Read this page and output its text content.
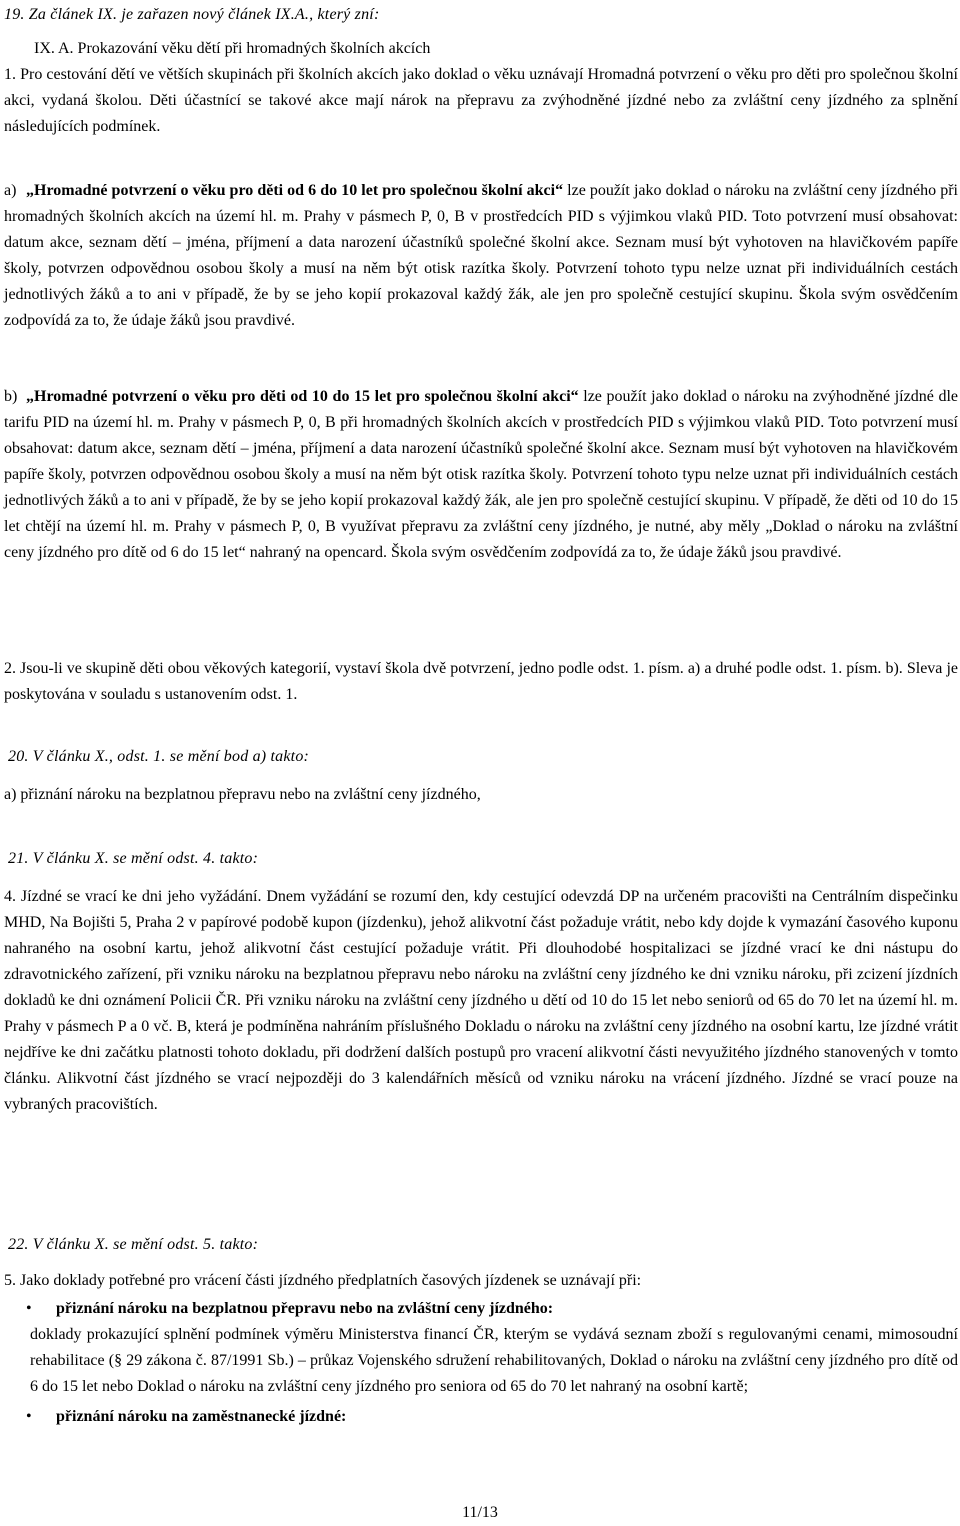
19. Za článek IX. je zařazen nový článek IX.A., který zní:

IX. A. Prokazování věku dětí při hromadných školních akcích

1. Pro cestování dětí ve větších skupinách při školních akcích jako doklad o věku uznávají Hromadná potvrzení o věku pro děti pro společnou školní akci, vydaná školou. Děti účastnící se takové akce mají nárok na přepravu za zvýhodněné jízdné nebo za zvláštní ceny jízdného za splnění následujících podmínek.

a) „Hromadné potvrzení o věku pro děti od 6 do 10 let pro společnou školní akci“ lze použít jako doklad o nároku na zvláštní ceny jízdného při hromadných školních akcích na území hl. m. Prahy v pásmech P, 0, B v prostředcích PID s výjimkou vlaků PID. Toto potvrzení musí obsahovat: datum akce, seznam dětí – jména, příjmení a data narození účastníků společné školní akce. Seznam musí být vyhotoven na hlavičkovém papíře školy, potvrzen odpovědnou osobou školy a musí na něm být otisk razítka školy. Potvrzení tohoto typu nelze uznat při individuálních cestách jednotlivých žáků a to ani v případě, že by se jeho kopií prokazoval každý žák, ale jen pro společně cestující skupinu. Škola svým osvědčením zodpovídá za to, že údaje žáků jsou pravdivé.

b) „Hromadné potvrzení o věku pro děti od 10 do 15 let pro společnou školní akci“ lze použít jako doklad o nároku na zvýhodněné jízdné dle tarifu PID na území hl. m. Prahy v pásmech P, 0, B při hromadných školních akcích v prostředcích PID s výjimkou vlaků PID. Toto potvrzení musí obsahovat: datum akce, seznam dětí – jména, příjmení a data narození účastníků společné školní akce. Seznam musí být vyhotoven na hlavičkovém papíře školy, potvrzen odpovědnou osobou školy a musí na něm být otisk razítka školy. Potvrzení tohoto typu nelze uznat při individuálních cestách jednotlivých žáků a to ani v případě, že by se jeho kopií prokazoval každý žák, ale jen pro společně cestující skupinu. V případě, že děti od 10 do 15 let chtějí na území hl. m. Prahy v pásmech P, 0, B využívat přepravu za zvláštní ceny jízdného, je nutné, aby měly „Doklad o nároku na zvláštní ceny jízdného pro dítě od 6 do 15 let“ nahraný na opencard. Škola svým osvědčením zodpovídá za to, že údaje žáků jsou pravdivé.

2. Jsou-li ve skupině děti obou věkových kategorií, vystaví škola dvě potvrzení, jedno podle odst. 1. písm. a) a druhé podle odst. 1. písm. b). Sleva je poskytována v souladu s ustanovením odst. 1.

20. V článku X., odst. 1. se mění bod a) takto:

a) přiznání nároku na bezplatnou přepravu nebo na zvláštní ceny jízdného,

21. V článku X. se mění odst. 4. takto:

4. Jízdné se vrací ke dni jeho vyžádání. Dnem vyžádání se rozumí den, kdy cestující odevzdá DP na určeném pracovišti na Centrálním dispečinku MHD, Na Bojišti 5, Praha 2 v papírové podobě kupon (jízdenku), jehož alikvotní část požaduje vrátit, nebo kdy dojde k vymazání časového kuponu nahraného na osobní kartu, jehož alikvotní část cestující požaduje vrátit. Při dlouhodobé hospitalizaci se jízdné vrací ke dni nástupu do zdravotnického zařízení, při vzniku nároku na bezplatnou přepravu nebo nároku na zvláštní ceny jízdného ke dni vzniku nároku, při zcizení jízdních dokladů ke dni oznámení Policii ČR. Při vzniku nároku na zvláštní ceny jízdného u dětí od 10 do 15 let nebo seniorů od 65 do 70 let na území hl. m. Prahy v pásmech P a 0 vč. B, která je podmíněna nahráním příslušného Dokladu o nároku na zvláštní ceny jízdného na osobní kartu, lze jízdné vrátit nejdříve ke dni začátku platnosti tohoto dokladu, při dodržení dalších postupů pro vracení alikvotní části nevyužitého jízdného stanovených v tomto článku. Alikvotní část jízdného se vrací nejpozději do 3 kalendářních měsíců od vzniku nároku na vrácení jízdného. Jízdné se vrací pouze na vybraných pracovištích.

22. V článku X. se mění odst. 5. takto:

5. Jako doklady potřebné pro vrácení části jízdného předplatních časových jízdenek se uznávají při:

•	přiznání nároku na bezplatnou přepravu nebo na zvláštní ceny jízdného:

doklady prokazující splnění podmínek výměru Ministerstva financí ČR, kterým se vydává seznam zboží s regulovanými cenami, mimosoudní rehabilitace (§ 29 zákona č. 87/1991 Sb.) – průkaz Vojenského sdružení rehabilitovaných, Doklad o nároku na zvláštní ceny jízdného pro dítě od 6 do 15 let nebo Doklad o nároku na zvláštní ceny jízdného pro seniora od 65 do 70 let nahraný na osobní kartě;

•	přiznání nároku na zaměstnanecké jízdné:
11/13
